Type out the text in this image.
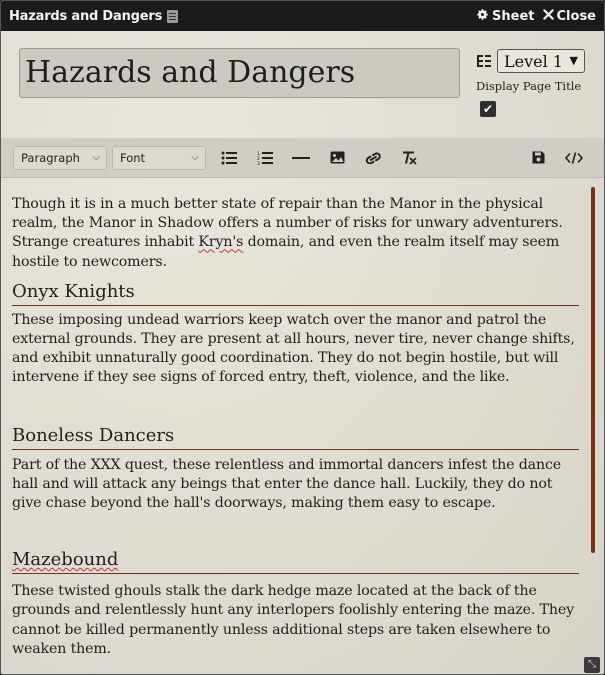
Hazards and Dangers	Sheet Close
Hazards and Dangers	Level 1 ▼
Display Page Title
✔
Paragraph ⌵ Font	⌵	1
2
3

Though it is in a much better state of repair than the Manor in the physical realm, the Manor in Shadow offers a number of risks for unwary adventurers. Strange creatures inhabit Kryn's domain, and even the realm itself may seem hostile to newcomers.

Onyx Knights

These imposing undead warriors keep watch over the manor and patrol the external grounds. They are present at all hours, never tire, never change shifts, and exhibit unnaturally good coordination. They do not begin hostile, but will intervene if they see signs of forced entry, theft, violence, and the like.

Boneless Dancers

Part of the XXX quest, these relentless and immortal dancers infest the dance hall and will attack any beings that enter the dance hall. Luckily, they do not give chase beyond the hall's doorways, making them easy to escape.

Mazebound

These twisted ghouls stalk the dark hedge maze located at the back of the grounds and relentlessly hunt any interlopers foolishly entering the maze. They cannot be killed permanently unless additional steps are taken elsewhere to weaken them.

⤡
